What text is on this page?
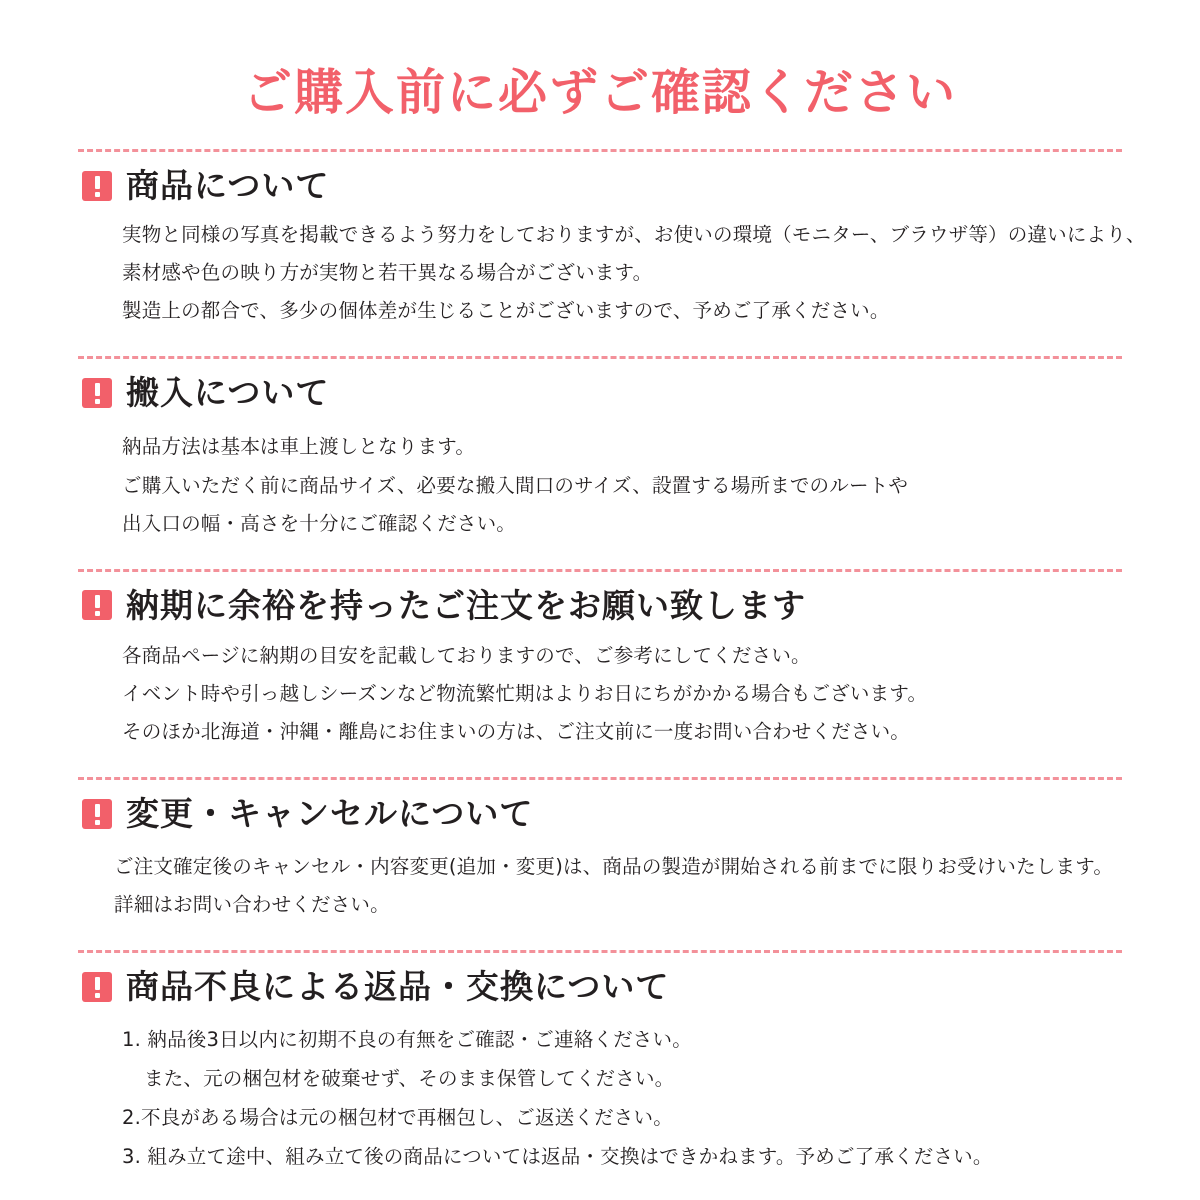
ご購入前に必ずご確認ください
商品について
実物と同様の写真を掲載できるよう努力をしておりますが、お使いの環境（モニター、ブラウザ等）の違いにより、
素材感や色の映り方が実物と若干異なる場合がございます。
製造上の都合で、多少の個体差が生じることがございますので、予めご了承ください。
搬入について
納品方法は基本は車上渡しとなります。
ご購入いただく前に商品サイズ、必要な搬入間口のサイズ、設置する場所までのルートや
出入口の幅・高さを十分にご確認ください。
納期に余裕を持ったご注文をお願い致します
各商品ページに納期の目安を記載しておりますので、ご参考にしてください。
イベント時や引っ越しシーズンなど物流繁忙期はよりお日にちがかかる場合もございます。
そのほか北海道・沖縄・離島にお住まいの方は、ご注文前に一度お問い合わせください。
変更・キャンセルについて
ご注文確定後のキャンセル・内容変更(追加・変更)は、商品の製造が開始される前までに限りお受けいたします。
詳細はお問い合わせください。
商品不良による返品・交換について
1. 納品後3日以内に初期不良の有無をご確認・ご連絡ください。
また、元の梱包材を破棄せず、そのまま保管してください。
2.不良がある場合は元の梱包材で再梱包し、ご返送ください。
3. 組み立て途中、組み立て後の商品については返品・交換はできかねます。予めご了承ください。
